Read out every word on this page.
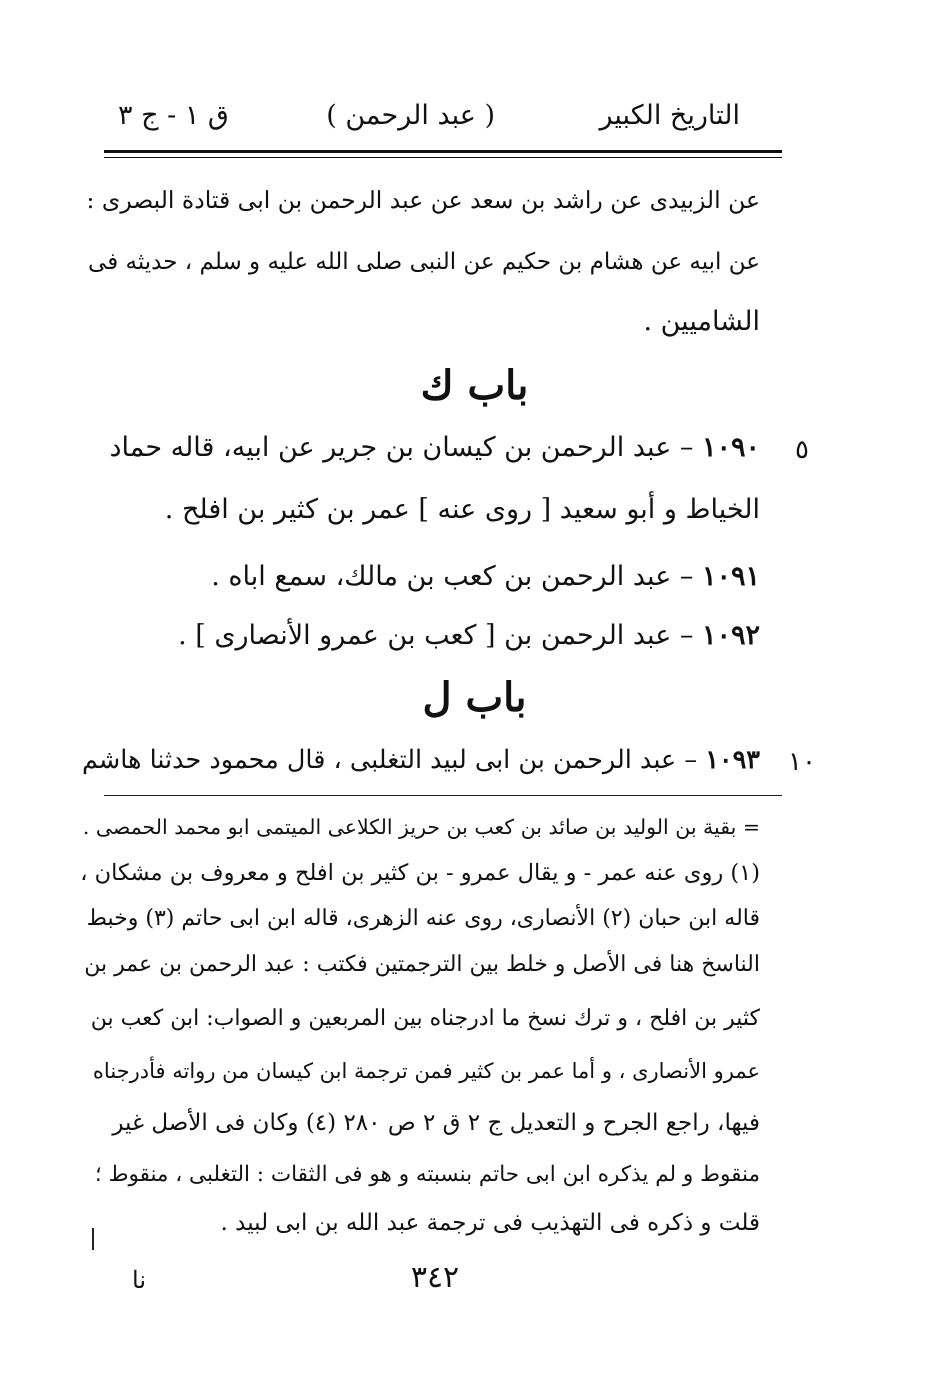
التاريخ الكبير
( عبد الرحمن )
ق ١ - ج ٣
عن الزبيدى عن راشد بن سعد عن عبد الرحمن بن ابى قتادة البصرى :
عن ابيه عن هشام بن حكيم عن النبى صلى الله عليه و سلم ، حديثه فى
الشاميين .
باب ك
١٠٩٠ – عبد الرحمن بن كيسان بن جرير عن ابيه، قاله حماد
الخياط و أبو سعيد [ روى عنه ] عمر بن كثير بن افلح .
١٠٩١ – عبد الرحمن بن كعب بن مالك، سمع اباه .
١٠٩٢ – عبد الرحمن بن [ كعب بن عمرو الأنصارى ] .
باب ل
١٠٩٣ – عبد الرحمن بن ابى لبيد التغلبى ، قال محمود حدثنا هاشم
٥
١٠
= بقية بن الوليد بن صائد بن كعب بن حريز الكلاعى الميتمى ابو محمد الحمصى .
(١) روى عنه عمر - و يقال عمرو - بن كثير بن افلح و معروف بن مشكان ،
قاله ابن حبان (٢) الأنصارى، روى عنه الزهرى، قاله ابن ابى حاتم (٣) وخبط
الناسخ هنا فى الأصل و خلط بين الترجمتين فكتب : عبد الرحمن بن عمر بن
كثير بن افلح ، و ترك نسخ ما ادرجناه بين المربعين و الصواب: ابن كعب بن
عمرو الأنصارى ، و أما عمر بن كثير فمن ترجمة ابن كيسان من رواته فأدرجناه
فيها، راجع الجرح و التعديل ج ٢ ق ٢ ص ٢٨٠ (٤) وكان فى الأصل غير
منقوط و لم يذكره ابن ابى حاتم بنسبته و هو فى الثقات : التغلبى ، منقوط ؛
قلت و ذكره فى التهذيب فى ترجمة عبد الله بن ابى لبيد .
٣٤٢
نا
